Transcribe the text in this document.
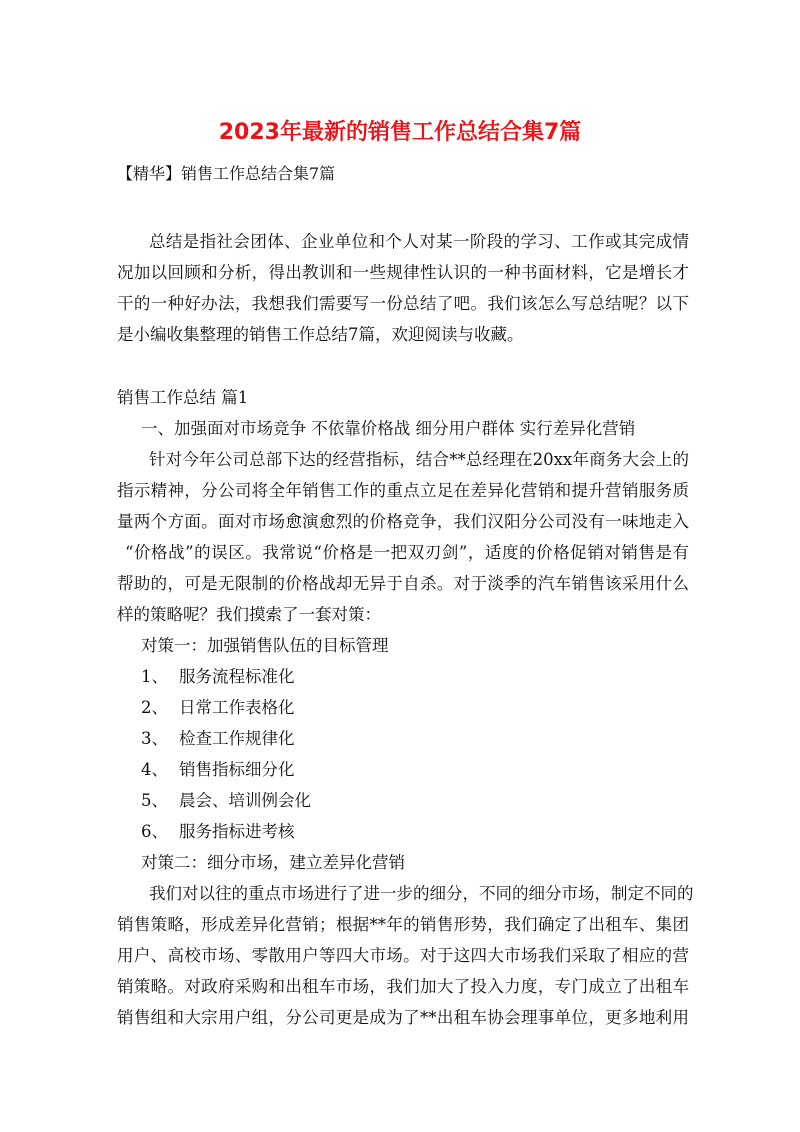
2023年最新的销售工作总结合集7篇
【精华】销售工作总结合集7篇
总结是指社会团体、企业单位和个人对某一阶段的学习、工作或其完成情
况加以回顾和分析，得出教训和一些规律性认识的一种书面材料，它是增长才
干的一种好办法，我想我们需要写一份总结了吧。我们该怎么写总结呢？以下
是小编收集整理的销售工作总结7篇，欢迎阅读与收藏。
销售工作总结 篇1
一、加强面对市场竞争 不依靠价格战 细分用户群体 实行差异化营销
针对今年公司总部下达的经营指标，结合**总经理在20xx年商务大会上的
指示精神，分公司将全年销售工作的重点立足在差异化营销和提升营销服务质
量两个方面。面对市场愈演愈烈的价格竞争，我们汉阳分公司没有一味地走入
“价格战”的误区。我常说“价格是一把双刃剑”，适度的价格促销对销售是有
帮助的，可是无限制的价格战却无异于自杀。对于淡季的汽车销售该采用什么
样的策略呢？我们摸索了一套对策：
对策一：加强销售队伍的目标管理
1、 服务流程标准化
2、 日常工作表格化
3、 检查工作规律化
4、 销售指标细分化
5、 晨会、培训例会化
6、 服务指标进考核
对策二：细分市场，建立差异化营销
我们对以往的重点市场进行了进一步的细分，不同的细分市场，制定不同的
销售策略，形成差异化营销；根据**年的销售形势，我们确定了出租车、集团
用户、高校市场、零散用户等四大市场。对于这四大市场我们采取了相应的营
销策略。对政府采购和出租车市场，我们加大了投入力度，专门成立了出租车
销售组和大宗用户组，分公司更是成为了**出租车协会理事单位，更多地利用
